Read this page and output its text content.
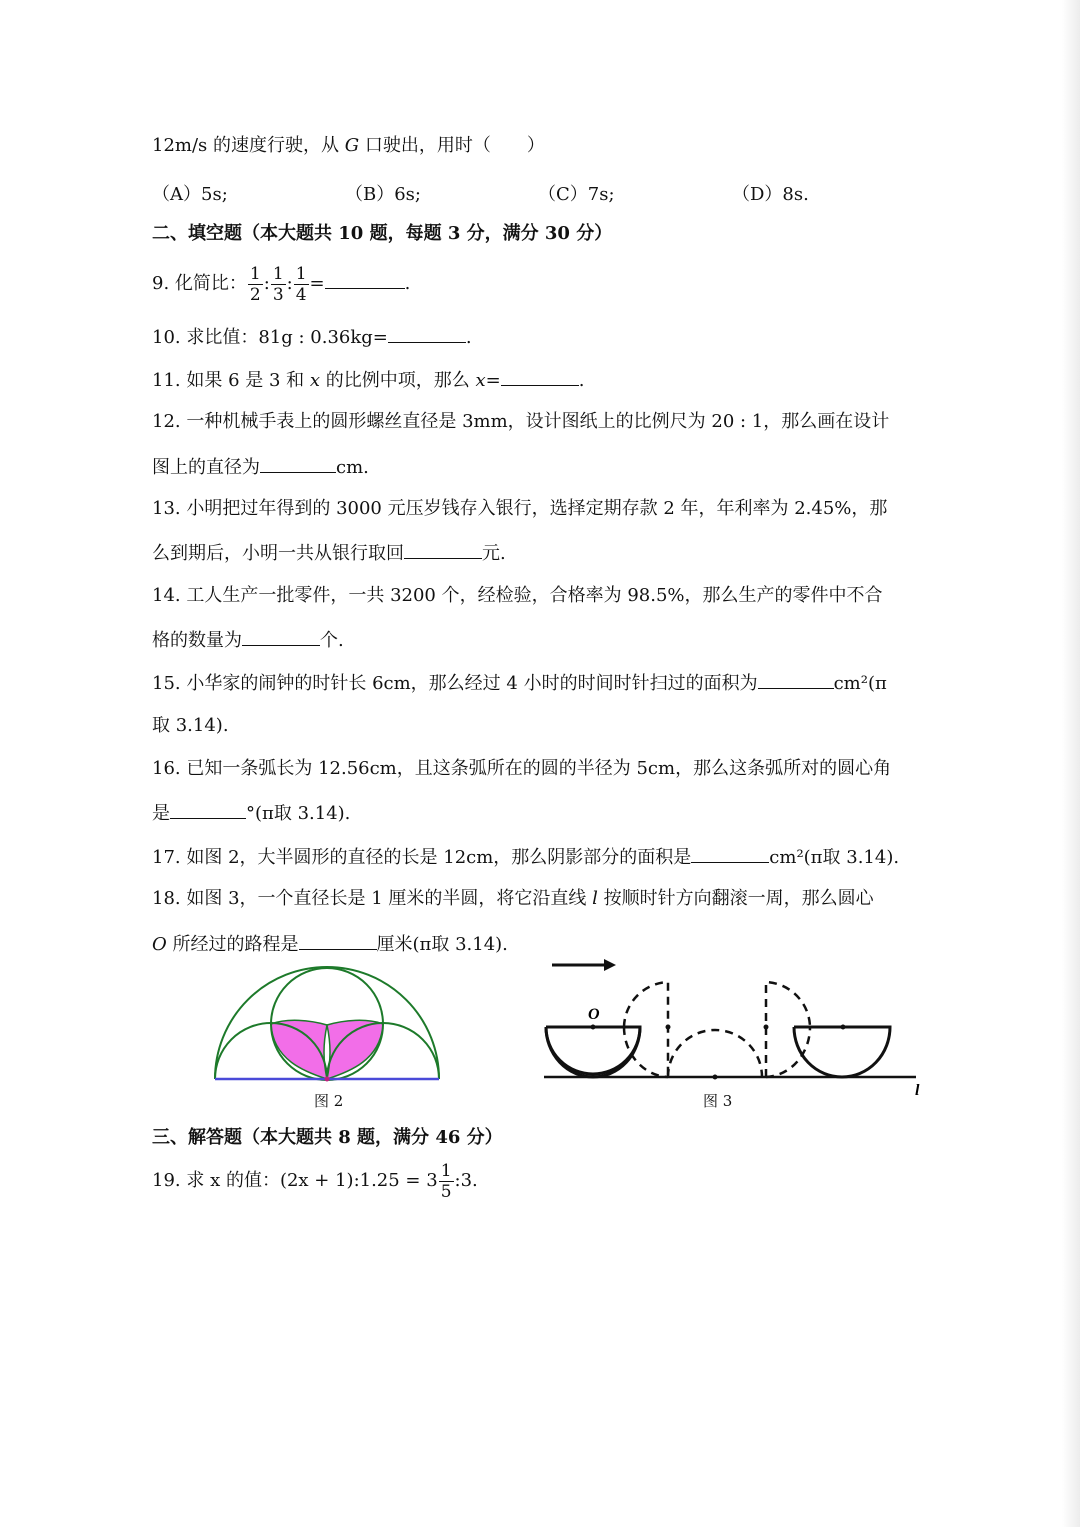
12m/s 的速度行驶，从 G 口驶出，用时（　　）
（A）5s;	（B）6s;	（C）7s;	（D）8s.
二、填空题（本大题共 10 题，每题 3 分，满分 30 分）
9. 化简比： $\frac{1}{2}$ : $\frac{1}{3}$ : $\frac{1}{4}$ =	.
10. 求比值：81g : 0.36kg=	.
11. 如果 6 是 3 和 x 的比例中项，那么 x=	.
12. 一种机械手表上的圆形螺丝直径是 3mm，设计图纸上的比例尺为 20 : 1，那么画在设计
图上的直径为	cm.
13. 小明把过年得到的 3000 元压岁钱存入银行，选择定期存款 2 年，年利率为 2.45%，那
么到期后，小明一共从银行取回	元.
14. 工人生产一批零件，一共 3200 个，经检验，合格率为 98.5%，那么生产的零件中不合
格的数量为	个.
15. 小华家的闹钟的时针长 6cm，那么经过 4 小时的时间时针扫过的面积为	cm²(π
取 3.14).
16. 已知一条弧长为 12.56cm，且这条弧所在的圆的半径为 5cm，那么这条弧所对的圆心角
是	°(π取 3.14).
17. 如图 2，大半圆形的直径的长是 12cm，那么阴影部分的面积是	cm²(π取 3.14).
18. 如图 3，一个直径长是 1 厘米的半圆，将它沿直线 l 按顺时针方向翻滚一周，那么圆心
O 所经过的路程是	厘米(π取 3.14).
图 2
O
l
图 3
三、解答题（本大题共 8 题，满分 46 分）
19. 求 x 的值：(2x + 1):1.25 = $3 \frac{1}{5}$ :3.
